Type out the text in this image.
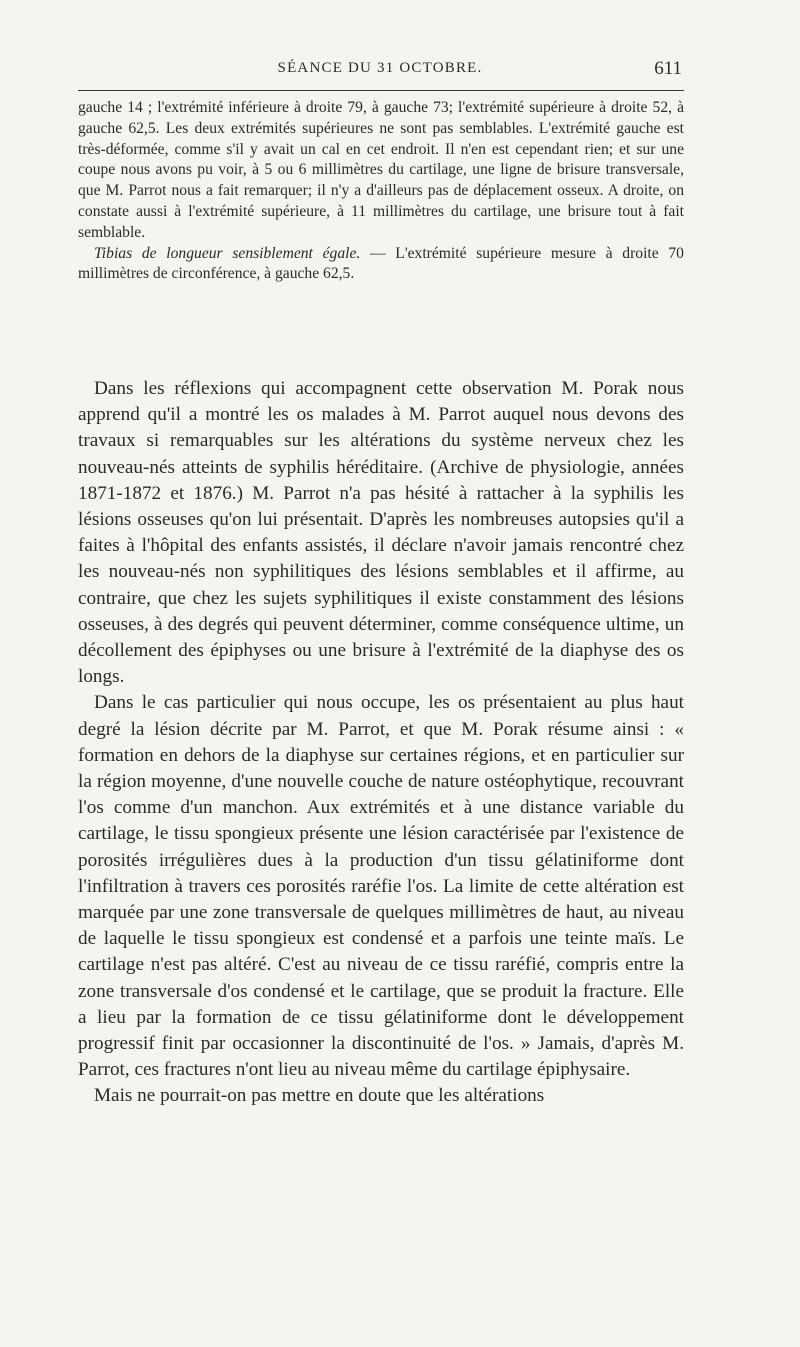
SÉANCE DU 31 OCTOBRE.	611

gauche 14 ; l'extrémité inférieure à droite 79, à gauche 73; l'extrémité supérieure à droite 52, à gauche 62,5. Les deux extrémités supérieures ne sont pas semblables. L'extrémité gauche est très-déformée, comme s'il y avait un cal en cet endroit. Il n'en est cependant rien; et sur une coupe nous avons pu voir, à 5 ou 6 millimètres du cartilage, une ligne de brisure transversale, que M. Parrot nous a fait remarquer; il n'y a d'ailleurs pas de déplacement osseux. A droite, on constate aussi à l'extrémité supérieure, à 11 millimètres du cartilage, une brisure tout à fait semblable.

Tibias de longueur sensiblement égale. — L'extrémité supérieure mesure à droite 70 millimètres de circonférence, à gauche 62,5.

Dans les réflexions qui accompagnent cette observation M. Porak nous apprend qu'il a montré les os malades à M. Parrot auquel nous devons des travaux si remarquables sur les altérations du système nerveux chez les nouveau-nés atteints de syphilis héréditaire. (Archive de physiologie, années 1871-1872 et 1876.) M. Parrot n'a pas hésité à rattacher à la syphilis les lésions osseuses qu'on lui présentait. D'après les nombreuses autopsies qu'il a faites à l'hôpital des enfants assistés, il déclare n'avoir jamais rencontré chez les nouveau-nés non syphilitiques des lésions semblables et il affirme, au contraire, que chez les sujets syphilitiques il existe constamment des lésions osseuses, à des degrés qui peuvent déterminer, comme conséquence ultime, un décollement des épiphyses ou une brisure à l'extrémité de la diaphyse des os longs.

Dans le cas particulier qui nous occupe, les os présentaient au plus haut degré la lésion décrite par M. Parrot, et que M. Porak résume ainsi : « formation en dehors de la diaphyse sur certaines régions, et en particulier sur la région moyenne, d'une nouvelle couche de nature ostéophytique, recouvrant l'os comme d'un manchon. Aux extrémités et à une distance variable du cartilage, le tissu spongieux présente une lésion caractérisée par l'existence de porosités irrégulières dues à la production d'un tissu gélatiniforme dont l'infiltration à travers ces porosités raréfie l'os. La limite de cette altération est marquée par une zone transversale de quelques millimètres de haut, au niveau de laquelle le tissu spongieux est condensé et a parfois une teinte maïs. Le cartilage n'est pas altéré. C'est au niveau de ce tissu raréfié, compris entre la zone transversale d'os condensé et le cartilage, que se produit la fracture. Elle a lieu par la formation de ce tissu gélatiniforme dont le développement progressif finit par occasionner la discontinuité de l'os. » Jamais, d'après M. Parrot, ces fractures n'ont lieu au niveau même du cartilage épiphysaire.

Mais ne pourrait-on pas mettre en doute que les altérations
